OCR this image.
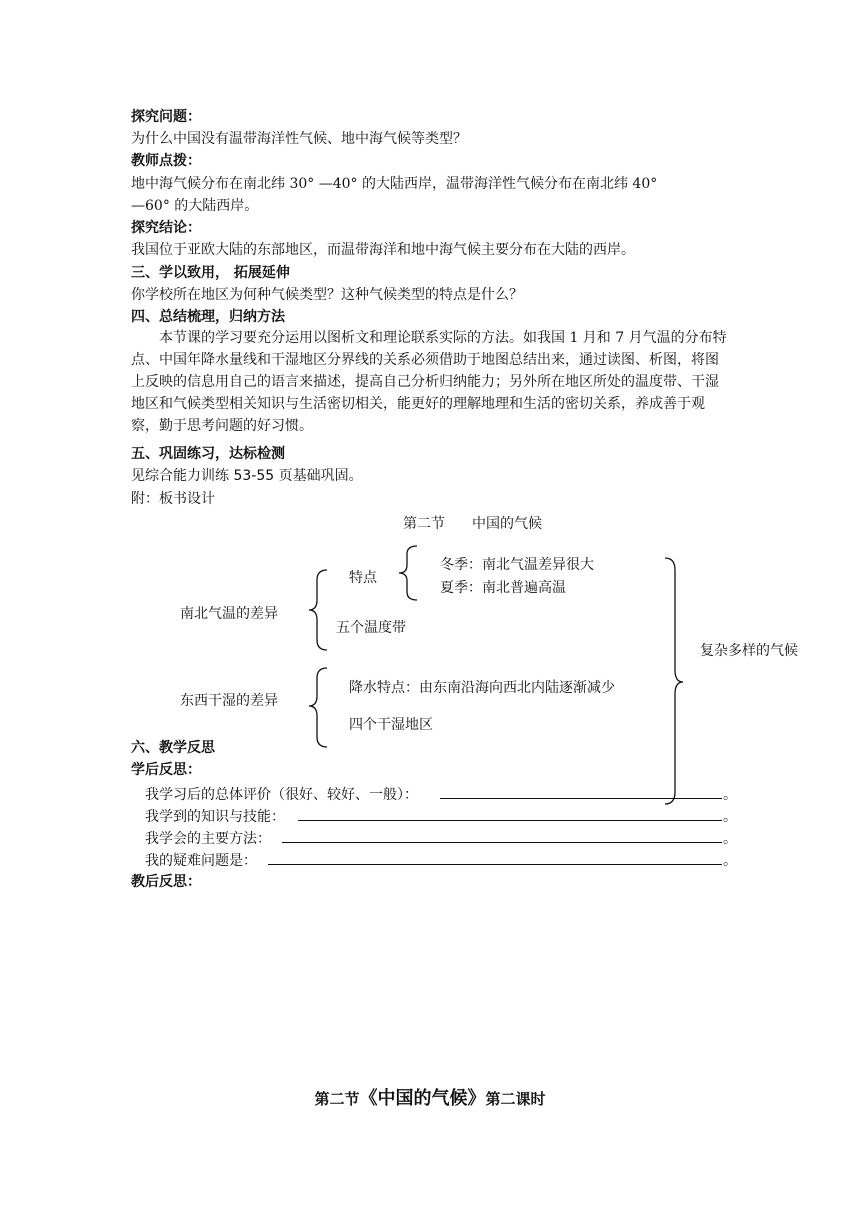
探究问题：
为什么中国没有温带海洋性气候、地中海气候等类型？
教师点拨：
地中海气候分布在南北纬 30° —40° 的大陆西岸，温带海洋性气候分布在南北纬 40°
—60° 的大陆西岸。
探究结论：
我国位于亚欧大陆的东部地区，而温带海洋和地中海气候主要分布在大陆的西岸。
三、学以致用， 拓展延伸
你学校所在地区为何种气候类型？这种气候类型的特点是什么？
四、总结梳理，归纳方法
本节课的学习要充分运用以图析文和理论联系实际的方法。如我国 1 月和 7 月气温的分布特点、中国年降水量线和干湿地区分界线的关系必须借助于地图总结出来，通过读图、析图，将图上反映的信息用自己的语言来描述，提高自己分析归纳能力；另外所在地区所处的温度带、干湿地区和气候类型相关知识与生活密切相关，能更好的理解地理和生活的密切关系，养成善于观察，勤于思考问题的好习惯。
五、巩固练习，达标检测
见综合能力训练 53-55 页基础巩固。
附：板书设计
第二节 中国的气候
特点
冬季：南北气温差异很大
夏季：南北普遍高温
南北气温的差异
五个温度带
复杂多样的气候
降水特点：由东南沿海向西北内陆逐渐减少
东西干湿的差异
四个干湿地区
六、教学反思
学后反思：
我学习后的总体评价（很好、较好、一般）：	。
我学到的知识与技能：	。
我学会的主要方法：	。
我的疑难问题是：	。
教后反思：
第二节《中国的气候》第二课时
